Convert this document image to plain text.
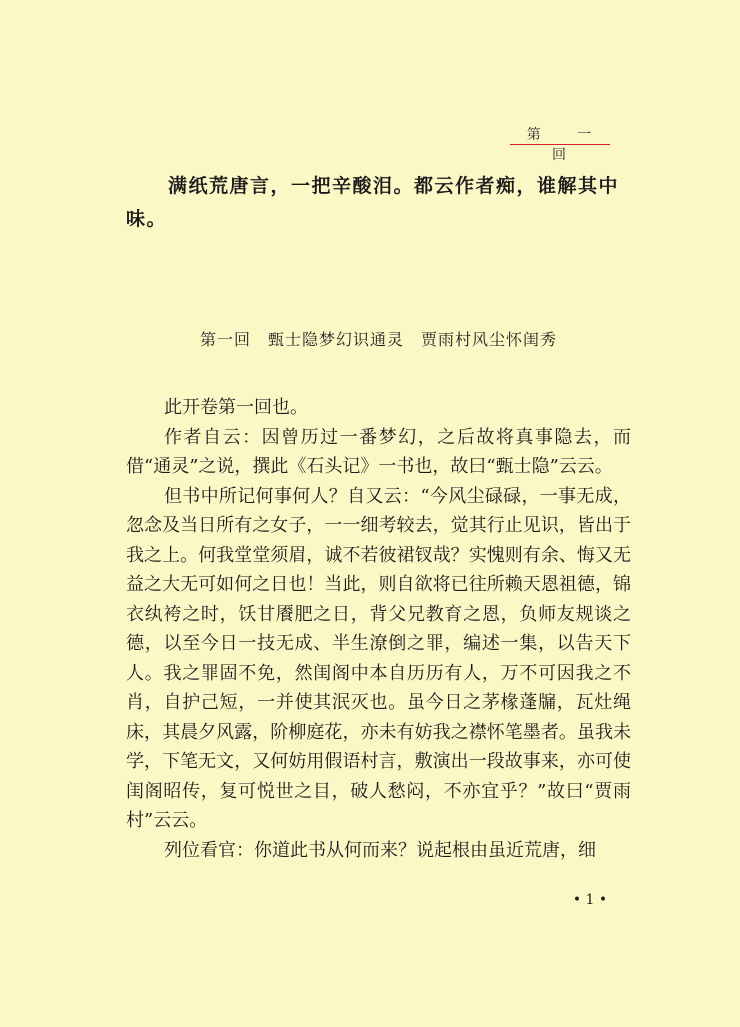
第 一 回
满纸荒唐言，一把辛酸泪。都云作者痴，谁解其中味。
第一回　甄士隐梦幻识通灵　贾雨村风尘怀闺秀

此开卷第一回也。

作者自云：因曾历过一番梦幻，之后故将真事隐去，而借“通灵”之说，撰此《石头记》一书也，故曰“甄士隐”云云。

但书中所记何事何人？自又云：“今风尘碌碌，一事无成，忽念及当日所有之女子，一一细考较去，觉其行止见识，皆出于我之上。何我堂堂须眉，诚不若彼裙钗哉？实愧则有余、悔又无益之大无可如何之日也！当此，则自欲将已往所赖天恩祖德，锦衣纨袴之时，饫甘餍肥之日，背父兄教育之恩，负师友规谈之德，以至今日一技无成、半生潦倒之罪，编述一集，以告天下人。我之罪固不免，然闺阁中本自历历有人，万不可因我之不肖，自护己短，一并使其泯灭也。虽今日之茅椽蓬牖，瓦灶绳床，其晨夕风露，阶柳庭花，亦未有妨我之襟怀笔墨者。虽我未学，下笔无文，又何妨用假语村言，敷演出一段故事来，亦可使闺阁昭传，复可悦世之目，破人愁闷，不亦宜乎？”故曰“贾雨村”云云。

列位看官：你道此书从何而来？说起根由虽近荒唐，细

• 1 •
